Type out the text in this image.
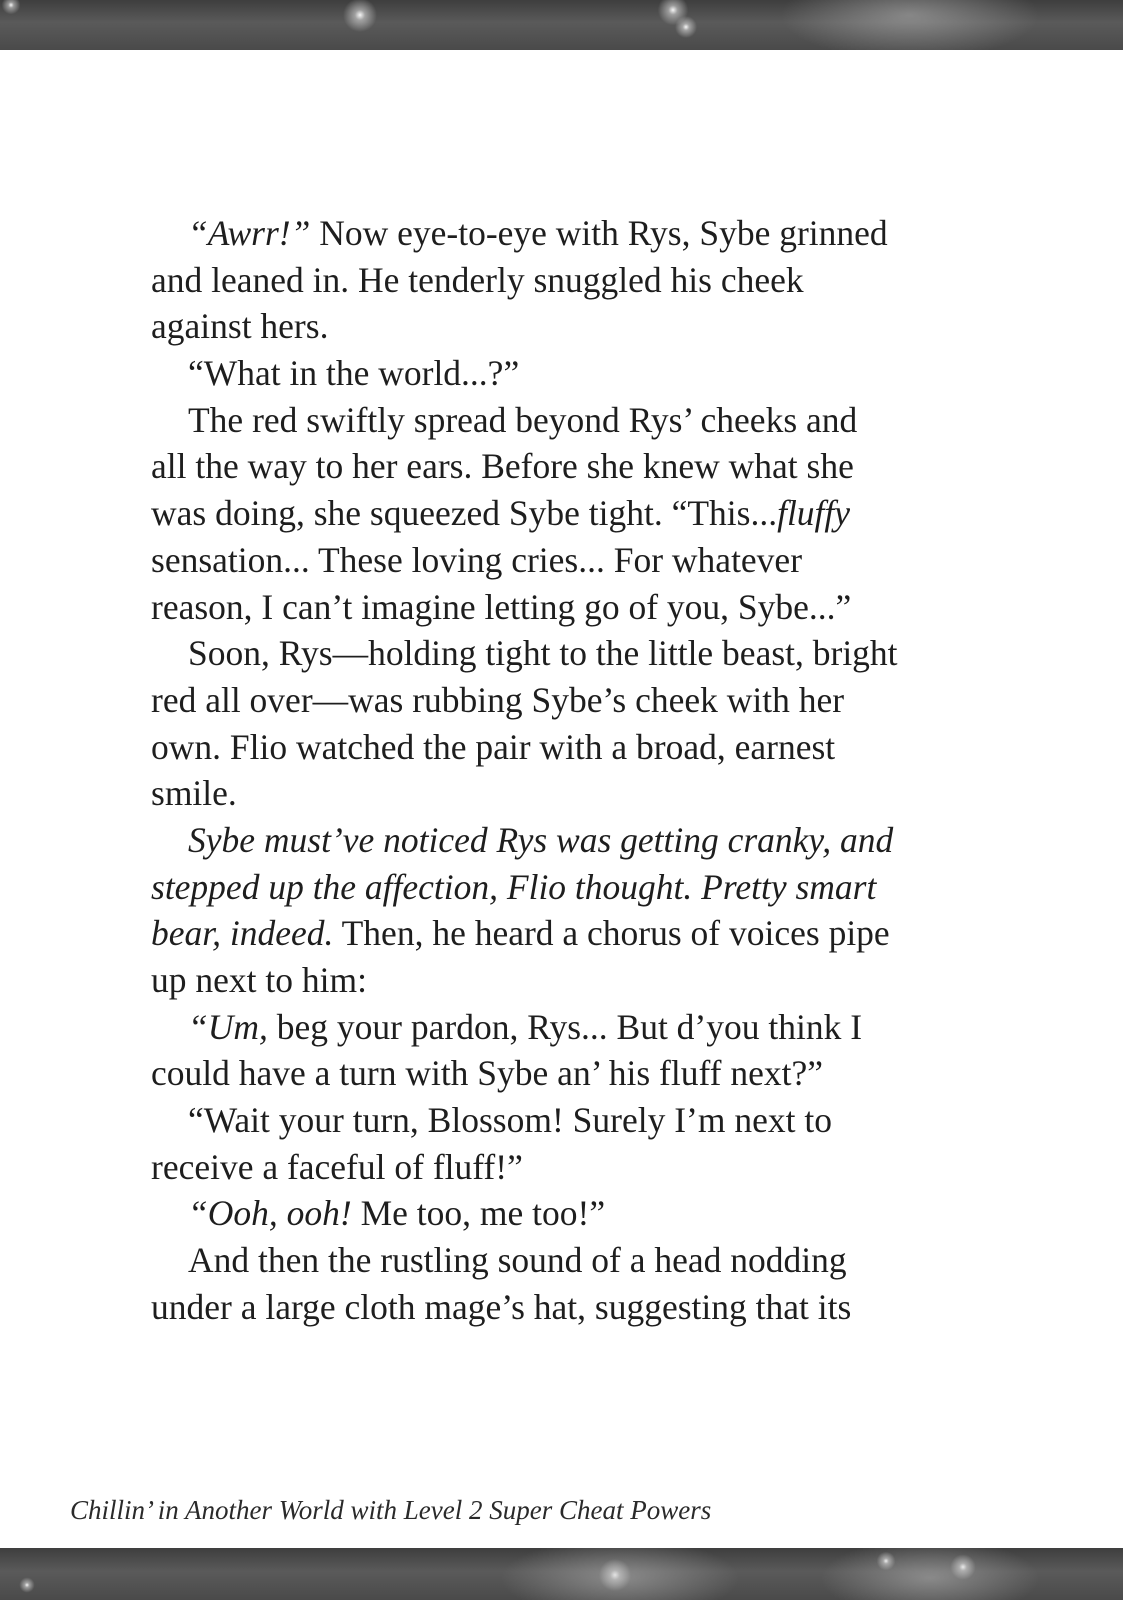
“Awrr!” Now eye-to-eye with Rys, Sybe grinned
and leaned in. He tenderly snuggled his cheek
against hers.
“What in the world...?”
The red swiftly spread beyond Rys’ cheeks and
all the way to her ears. Before she knew what she
was doing, she squeezed Sybe tight. “This...fluffy
sensation... These loving cries... For whatever
reason, I can’t imagine letting go of you, Sybe...”
Soon, Rys—holding tight to the little beast, bright
red all over—was rubbing Sybe’s cheek with her
own. Flio watched the pair with a broad, earnest
smile.
Sybe must’ve noticed Rys was getting cranky, and
stepped up the affection, Flio thought. Pretty smart
bear, indeed. Then, he heard a chorus of voices pipe
up next to him:
“Um, beg your pardon, Rys... But d’you think I
could have a turn with Sybe an’ his fluff next?”
“Wait your turn, Blossom! Surely I’m next to
receive a faceful of fluff!”
“Ooh, ooh! Me too, me too!”
And then the rustling sound of a head nodding
under a large cloth mage’s hat, suggesting that its
Chillin’ in Another World with Level 2 Super Cheat Powers
